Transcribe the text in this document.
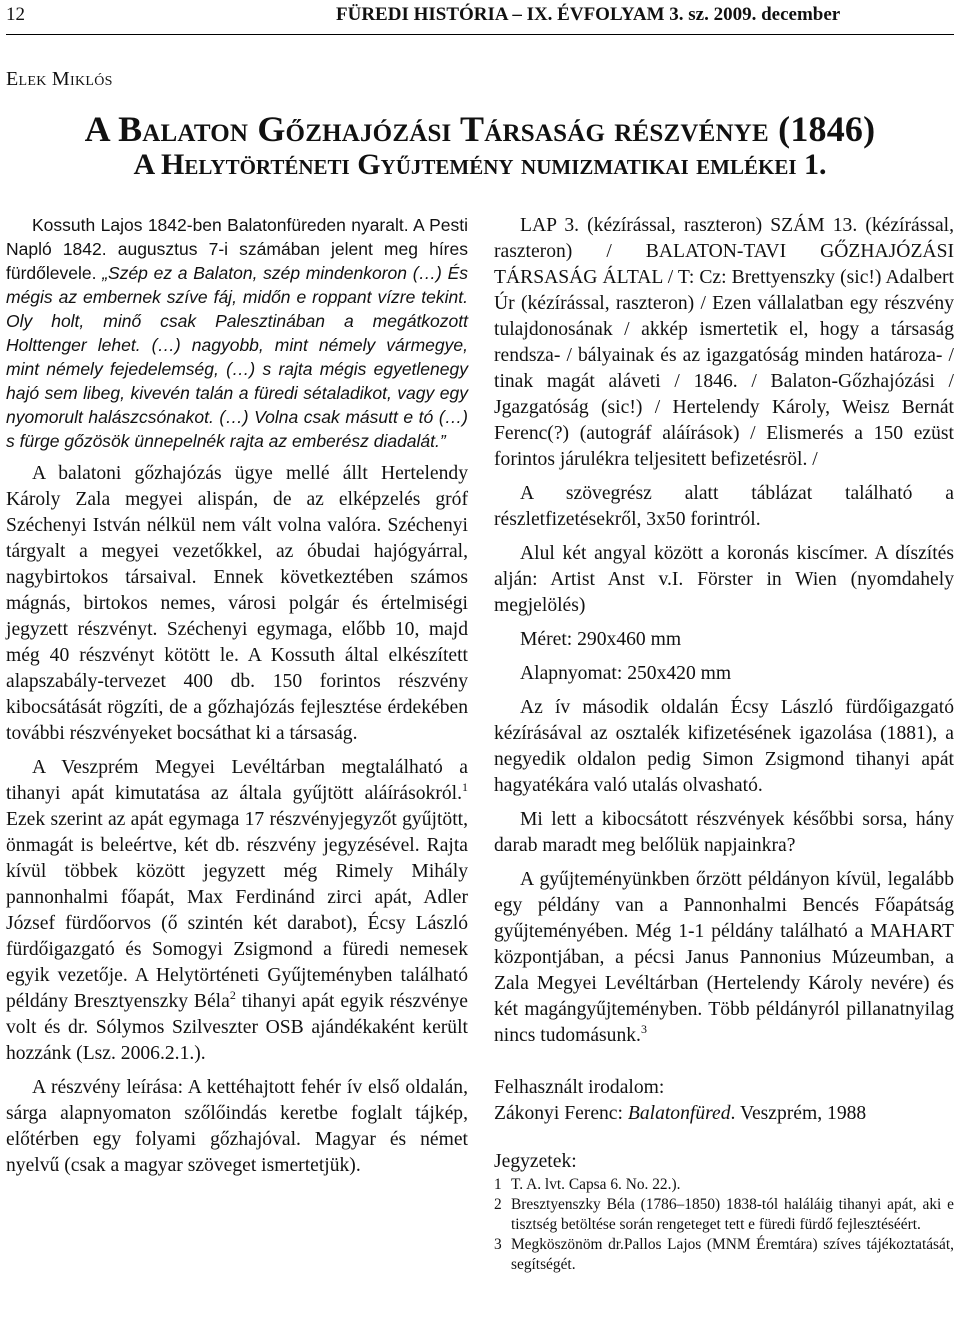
12	FÜREDI HISTÓRIA – IX. ÉVFOLYAM 3. sz. 2009. december
Elek Miklós
A Balaton Gőzhajózási Társaság részvénye (1846)
A Helytörténeti Gyűjtemény numizmatikai emlékei 1.

Kossuth Lajos 1842-ben Balatonfüreden nyaralt. A Pesti Napló 1842. augusztus 7-i számában jelent meg híres fürdőlevele. „Szép ez a Balaton, szép mindenkoron (…) És mégis az embernek szíve fáj, midőn e roppant vízre tekint. Oly holt, minő csak Palesztinában a megátkozott Holttenger lehet. (…) nagyobb, mint némely vármegye, mint némely fejedelemség, (…) s rajta mégis egyetlenegy hajó sem libeg, kivevén talán a füredi sétaladikot, vagy egy nyomorult halászcsónakot. (…) Volna csak másutt e tó (…) s fürge gőzösök ünnepelnék rajta az emberész diadalát.”

A balatoni gőzhajózás ügye mellé állt Hertelendy Károly Zala megyei alispán, de az elképzelés gróf Széchenyi István nélkül nem vált volna valóra. Széchenyi tárgyalt a megyei vezetőkkel, az óbudai hajógyárral, nagybirtokos társaival. Ennek következtében számos mágnás, birtokos nemes, városi polgár és értelmiségi jegyzett részvényt. Széchenyi egymaga, előbb 10, majd még 40 részvényt kötött le. A Kossuth által elkészített alapszabály-tervezet 400 db. 150 forintos részvény kibocsátását rögzíti, de a gőzhajózás fejlesztése érdekében további részvényeket bocsáthat ki a társaság.

A Veszprém Megyei Levéltárban megtalálható a tihanyi apát kimutatása az általa gyűjtött aláírásokról.$^1$ Ezek szerint az apát egymaga 17 részvényjegyzőt gyűjtött, önmagát is beleértve, két db. részvény jegyzésével. Rajta kívül többek között jegyzett még Rimely Mihály pannonhalmi főapát, Max Ferdinánd zirci apát, Adler József fürdőorvos (ő szintén két darabot), Écsy László fürdőigazgató és Somogyi Zsigmond a füredi nemesek egyik vezetője. A Helytörténeti Gyűjteményben található példány Bresztyenszky Béla$^2$ tihanyi apát egyik részvénye volt és dr. Sólymos Szilveszter OSB ajándékaként került hozzánk (Lsz. 2006.2.1.).

A részvény leírása: A kettéhajtott fehér ív első oldalán, sárga alapnyomaton szőlőindás keretbe foglalt tájkép, előtérben egy folyami gőzhajóval. Magyar és német nyelvű (csak a magyar szöveget ismertetjük).

LAP 3. (kézírással, raszteron) SZÁM 13. (kézírással, raszteron) / BALATON-TAVI GŐZHAJÓZÁSI TÁRSASÁG ÁLTAL / T: Cz: Brettyenszky (sic!) Adalbert Úr (kézírással, raszteron) / Ezen vállalatban egy részvény tulajdonosának / akkép ismertetik el, hogy a társaság rendsza- / bályainak és az igazgatóság minden határoza- / tinak magát aláveti / 1846. / Balaton-Gőzhajózási / Jgazgatóság (sic!) / Hertelendy Károly, Weisz Bernát Ferenc(?) (autográf aláírások) / Elismerés a 150 ezüst forintos járulékra teljesitett befizetésröl. /

A szövegrész alatt táblázat található a részletfizetésekről, 3x50 forintról.

Alul két angyal között a koronás kiscímer. A díszítés alján: Artist Anst v.I. Förster in Wien (nyomdahely megjelölés)

Méret: 290x460 mm

Alapnyomat: 250x420 mm

Az ív második oldalán Écsy László fürdőigazgató kézírásával az osztalék kifizetésének igazolása (1881), a negyedik oldalon pedig Simon Zsigmond tihanyi apát hagyatékára való utalás olvasható.

Mi lett a kibocsátott részvények későbbi sorsa, hány darab maradt meg belőlük napjainkra?

A gyűjteményünkben őrzött példányon kívül, legalább egy példány van a Pannonhalmi Bencés Főapátság gyűjteményében. Még 1-1 példány található a MAHART központjában, a pécsi Janus Pannonius Múzeumban, a Zala Megyei Levéltárban (Hertelendy Károly nevére) és két magángyűjteményben. Több példányról pillanatnyilag nincs tudomásunk.$^3$

Felhasznált irodalom:
Zákonyi Ferenc: Balatonfüred. Veszprém, 1988
Jegyzetek:
1 T. A. lvt. Capsa 6. No. 22.).
2 Bresztyenszky Béla (1786–1850) 1838-tól haláláig tihanyi apát, aki e tisztség betöltése során rengeteget tett e füredi fürdő fejlesztéséért.
3 Megköszönöm dr.Pallos Lajos (MNM Éremtára) szíves tájékoztatását, segítségét.
